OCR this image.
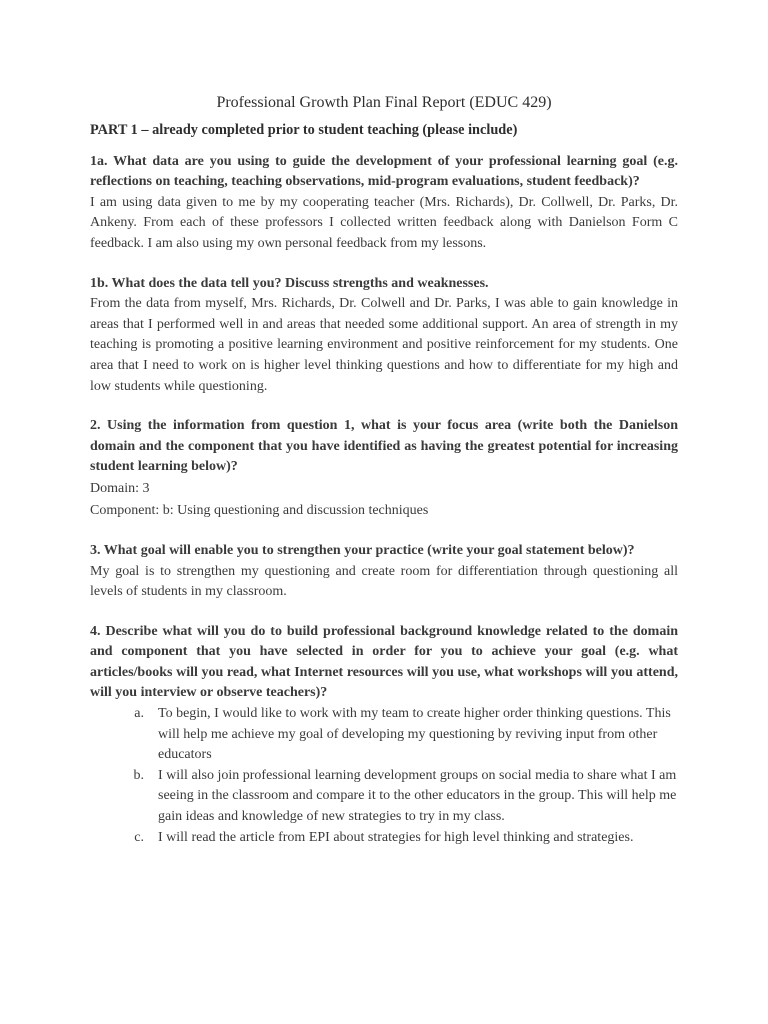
Professional Growth Plan Final Report (EDUC 429)

PART 1 – already completed prior to student teaching (please include)

1a. What data are you using to guide the development of your professional learning goal (e.g. reflections on teaching, teaching observations, mid-program evaluations, student feedback)?

I am using data given to me by my cooperating teacher (Mrs. Richards), Dr. Collwell, Dr. Parks, Dr. Ankeny. From each of these professors I collected written feedback along with Danielson Form C feedback. I am also using my own personal feedback from my lessons.

1b. What does the data tell you? Discuss strengths and weaknesses.

From the data from myself, Mrs. Richards, Dr. Colwell and Dr. Parks, I was able to gain knowledge in areas that I performed well in and areas that needed some additional support. An area of strength in my teaching is promoting a positive learning environment and positive reinforcement for my students. One area that I need to work on is higher level thinking questions and how to differentiate for my high and low students while questioning.

2. Using the information from question 1, what is your focus area (write both the Danielson domain and the component that you have identified as having the greatest potential for increasing student learning below)?

Domain: 3

Component: b: Using questioning and discussion techniques

3. What goal will enable you to strengthen your practice (write your goal statement below)?

My goal is to strengthen my questioning and create room for differentiation through questioning all levels of students in my classroom.

4. Describe what will you do to build professional background knowledge related to the domain and component that you have selected in order for you to achieve your goal (e.g. what articles/books will you read, what Internet resources will you use, what workshops will you attend, will you interview or observe teachers)?

a.	To begin, I would like to work with my team to create higher order thinking questions. This will help me achieve my goal of developing my questioning by reviving input from other educators
b.	I will also join professional learning development groups on social media to share what I am seeing in the classroom and compare it to the other educators in the group. This will help me gain ideas and knowledge of new strategies to try in my class.
c.	I will read the article from EPI about strategies for high level thinking and strategies.
